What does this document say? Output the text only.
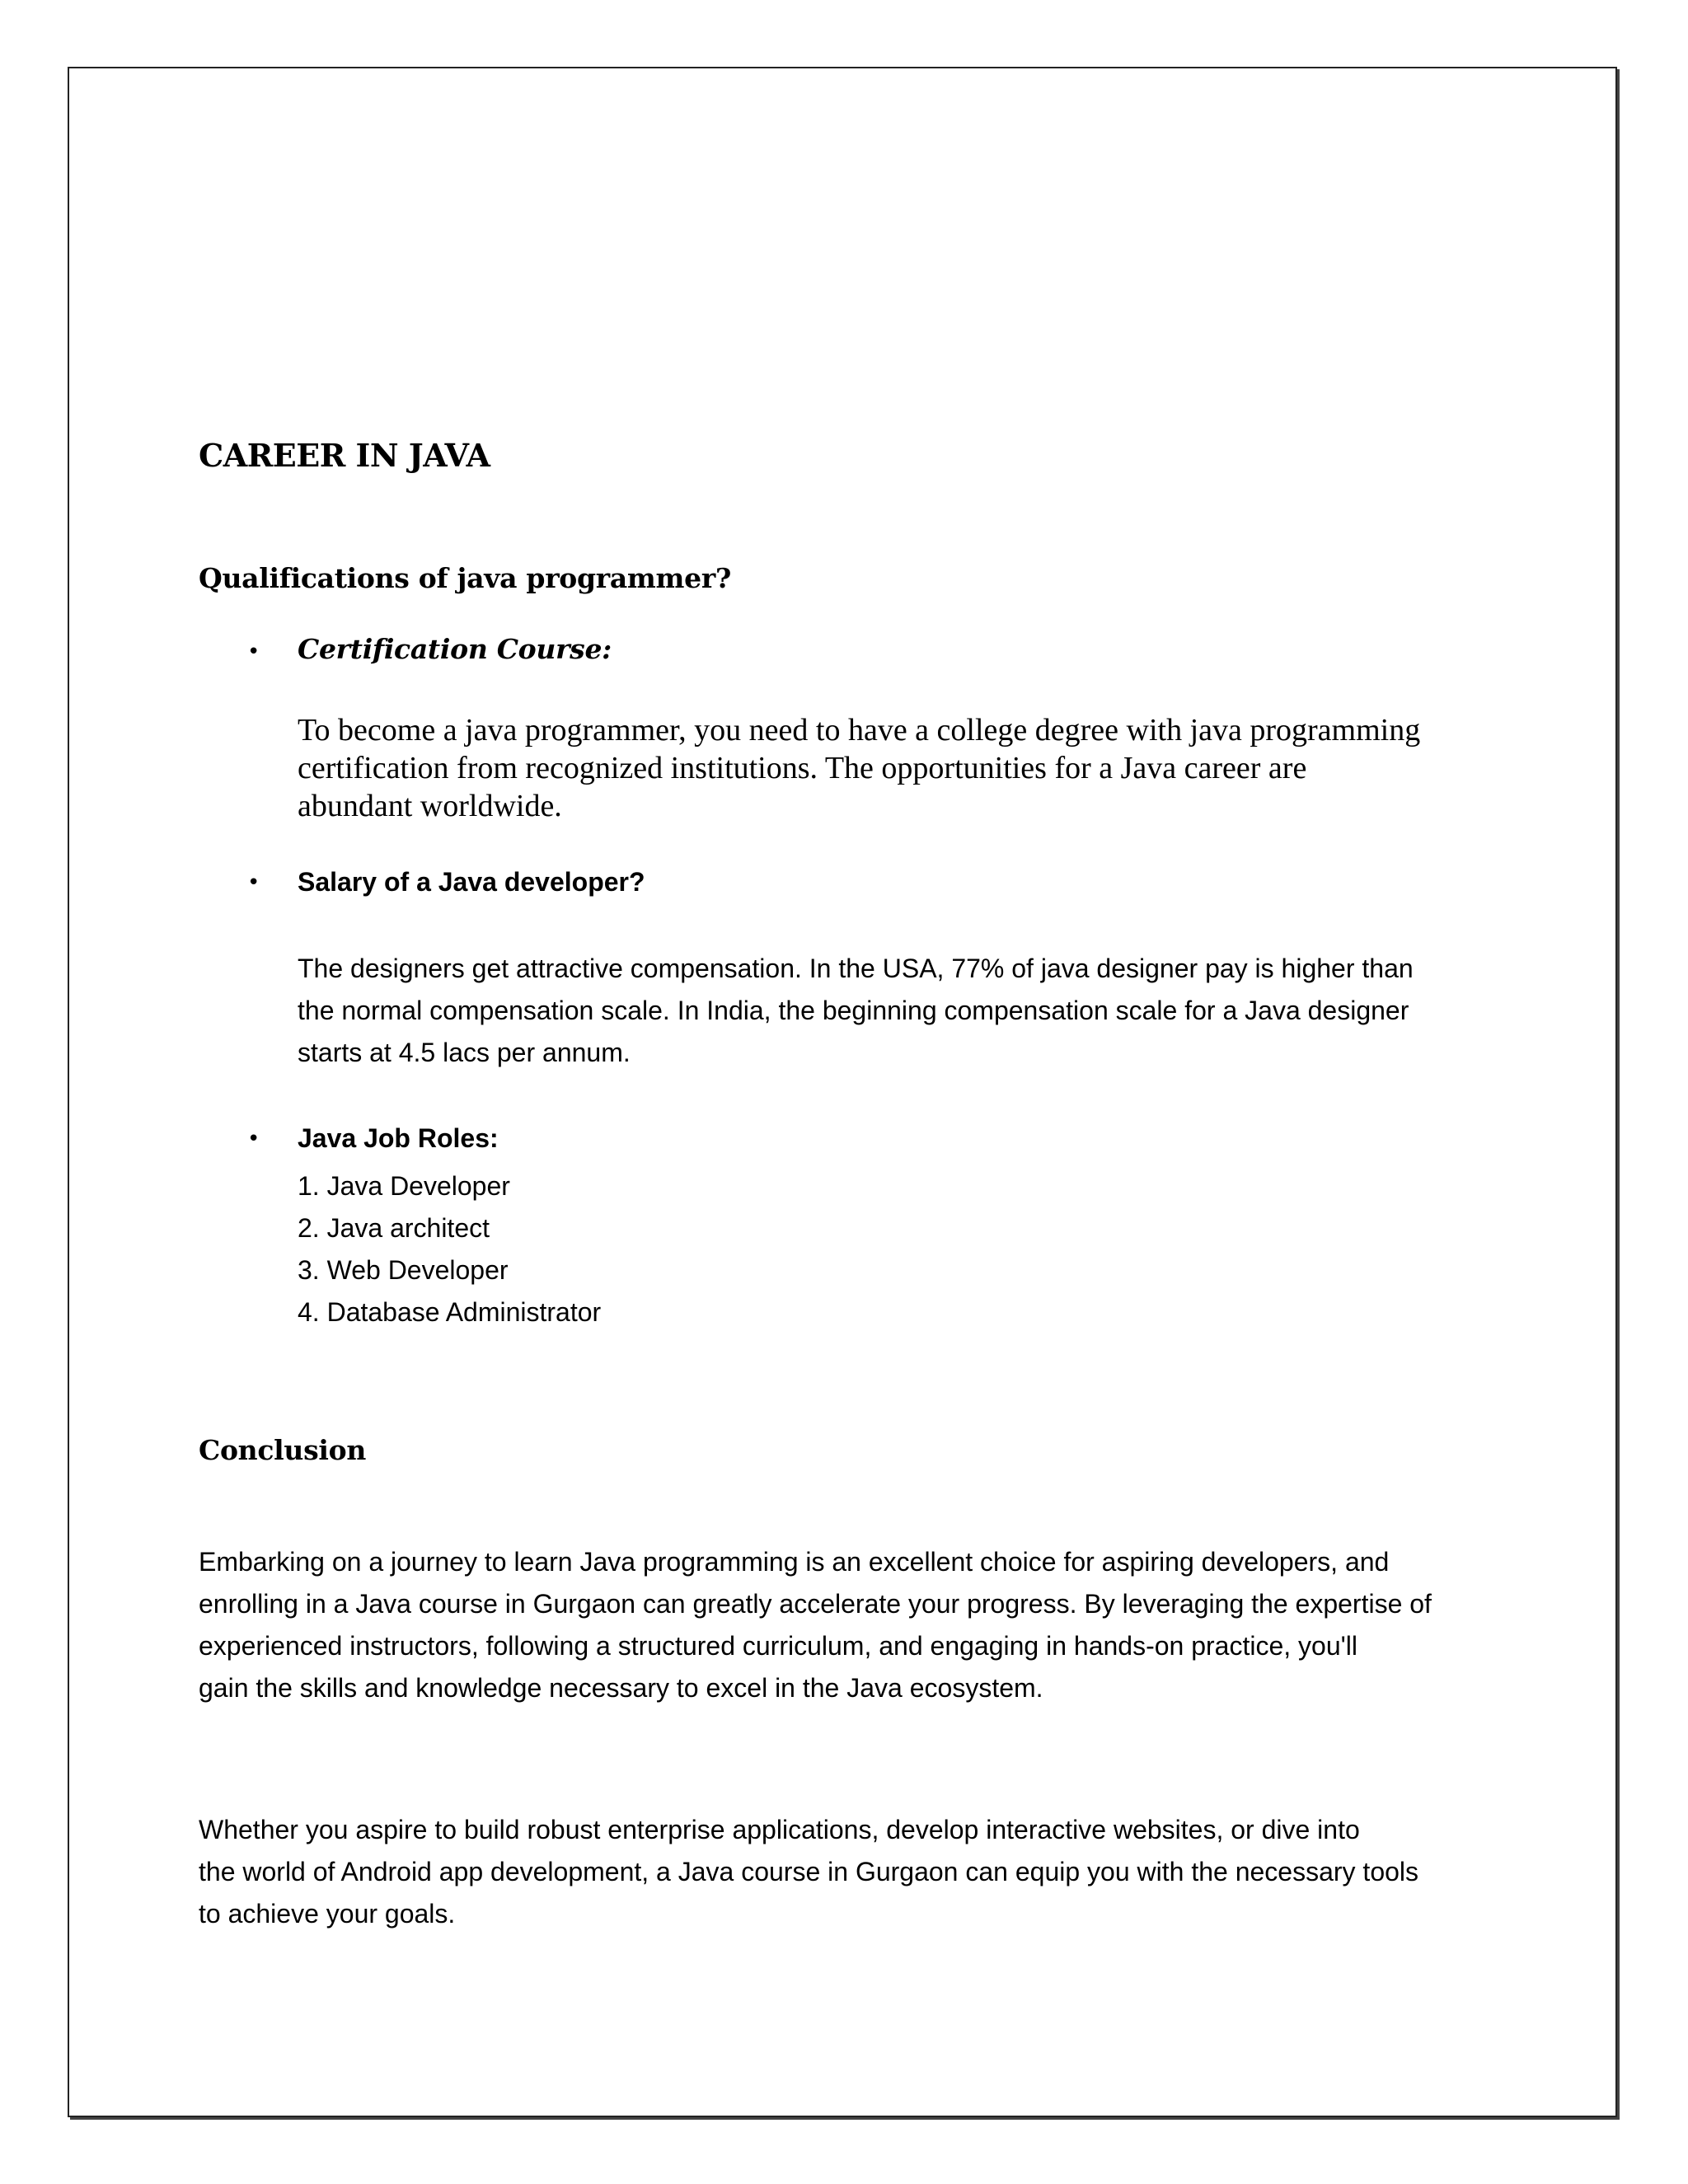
CAREER IN JAVA
Qualifications of java programmer?
• Certification Course:
To become a java programmer, you need to have a college degree with java programming
certification from recognized institutions. The opportunities for a Java career are
abundant worldwide.
• Salary of a Java developer?
The designers get attractive compensation. In the USA, 77% of java designer pay is higher than
the normal compensation scale. In India, the beginning compensation scale for a Java designer
starts at 4.5 lacs per annum.
• Java Job Roles:
1. Java Developer
2. Java architect
3. Web Developer
4. Database Administrator
Conclusion
Embarking on a journey to learn Java programming is an excellent choice for aspiring developers, and
enrolling in a Java course in Gurgaon can greatly accelerate your progress. By leveraging the expertise of
experienced instructors, following a structured curriculum, and engaging in hands-on practice, you'll
gain the skills and knowledge necessary to excel in the Java ecosystem.
Whether you aspire to build robust enterprise applications, develop interactive websites, or dive into
the world of Android app development, a Java course in Gurgaon can equip you with the necessary tools
to achieve your goals.
